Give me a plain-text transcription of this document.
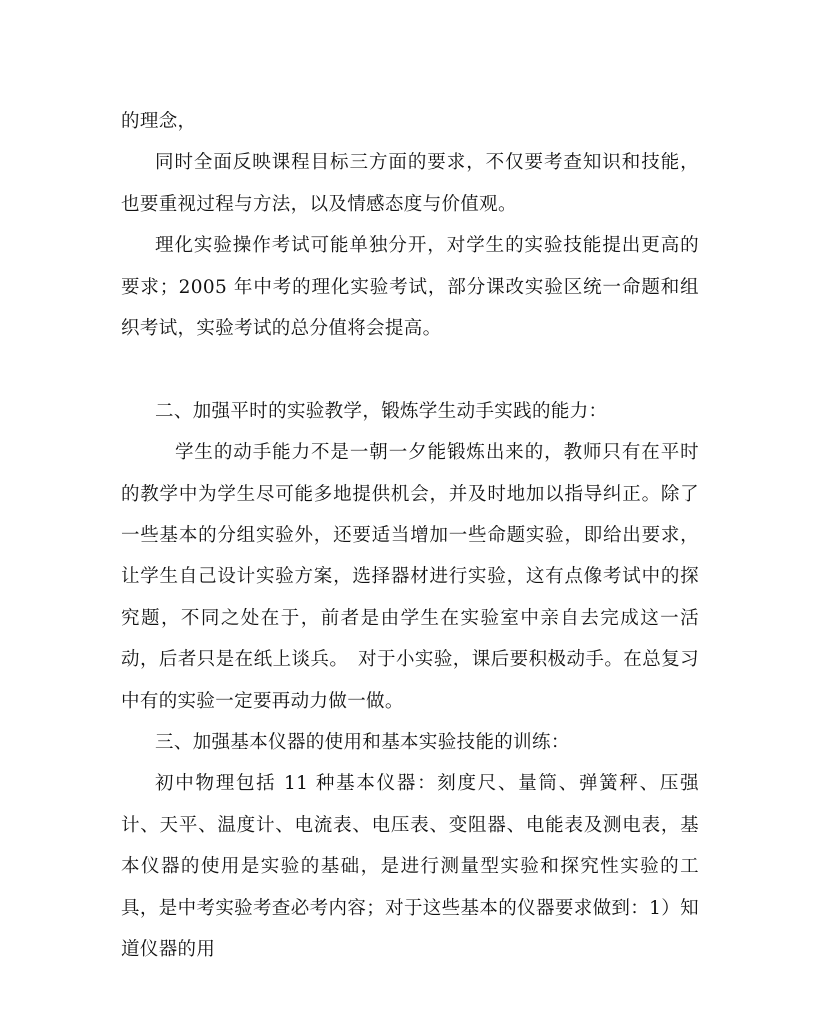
的理念，

同时全面反映课程目标三方面的要求，不仅要考查知识和技能，也要重视过程与方法，以及情感态度与价值观。

理化实验操作考试可能单独分开，对学生的实验技能提出更高的要求；2005 年中考的理化实验考试，部分课改实验区统一命题和组织考试，实验考试的总分值将会提高。

二、加强平时的实验教学，锻炼学生动手实践的能力：

学生的动手能力不是一朝一夕能锻炼出来的，教师只有在平时的教学中为学生尽可能多地提供机会，并及时地加以指导纠正。除了一些基本的分组实验外，还要适当增加一些命题实验，即给出要求，让学生自己设计实验方案，选择器材进行实验，这有点像考试中的探究题，不同之处在于，前者是由学生在实验室中亲自去完成这一活动，后者只是在纸上谈兵。　对于小实验，课后要积极动手。在总复习中有的实验一定要再动力做一做。

三、加强基本仪器的使用和基本实验技能的训练：

初中物理包括 11 种基本仪器：刻度尺、量筒、弹簧秤、压强计、天平、温度计、电流表、电压表、变阻器、电能表及测电表，基本仪器的使用是实验的基础，是进行测量型实验和探究性实验的工具，是中考实验考查必考内容；对于这些基本的仪器要求做到：1）知道仪器的用
